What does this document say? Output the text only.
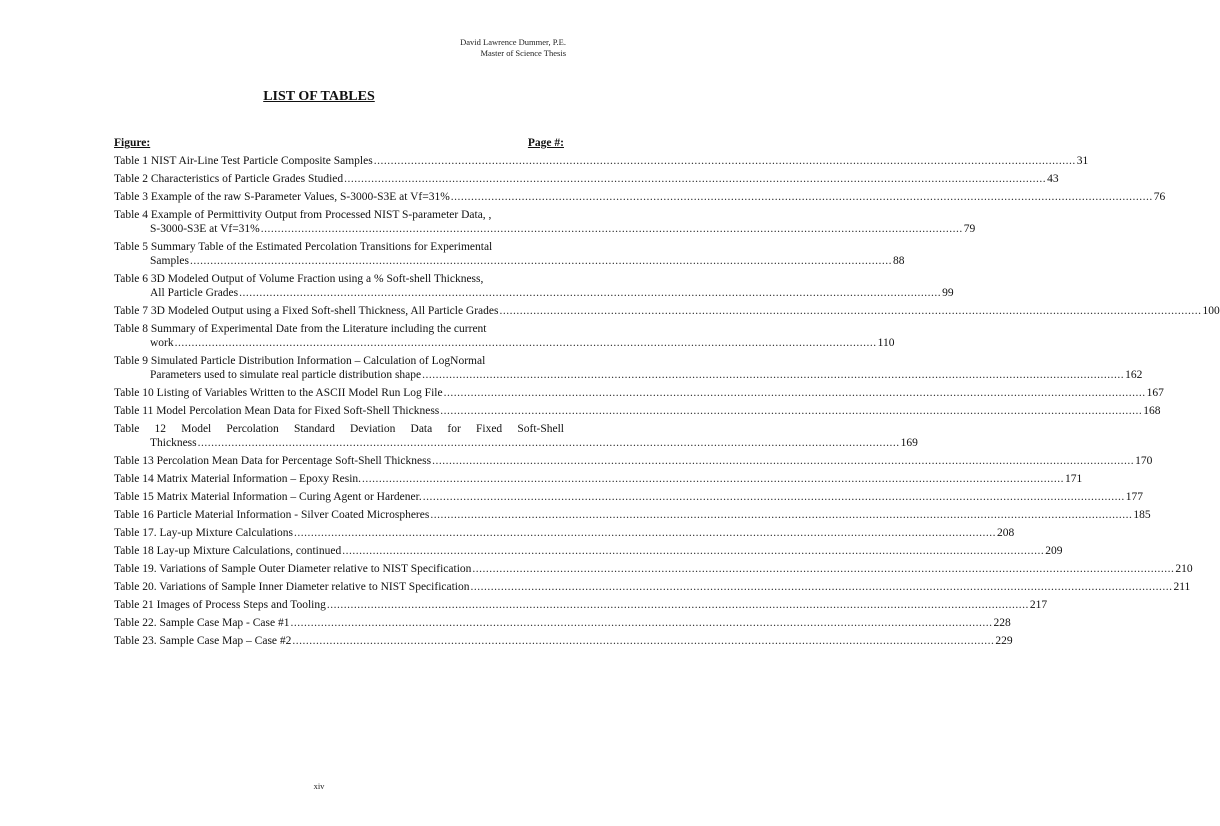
David Lawrence Dummer, P.E.
Master of Science Thesis
LIST OF TABLES
Figure:	Page #:
Table 1 NIST Air-Line Test Particle Composite Samples .....	31
Table 2 Characteristics of Particle Grades Studied .....	43
Table 3 Example of the raw S-Parameter Values, S-3000-S3E at Vf=31% .....	76
Table 4 Example of Permittivity Output from Processed NIST S-parameter Data, ,
S-3000-S3E at Vf=31% .....	79
Table 5 Summary Table of the Estimated Percolation Transitions for Experimental
Samples .....	88
Table 6 3D Modeled Output of Volume Fraction using a % Soft-shell Thickness,
All Particle Grades .....	99
Table 7 3D Modeled Output using a Fixed Soft-shell Thickness, All Particle Grades .....	100
Table 8 Summary of Experimental Date from the Literature including the current
work .....	110
Table 9 Simulated Particle Distribution Information – Calculation of LogNormal
Parameters used to simulate real particle distribution shape .....	162
Table 10 Listing of Variables Written to the ASCII Model Run Log File .....	167
Table 11 Model Percolation Mean Data for Fixed Soft-Shell Thickness .....	168
Table 12 Model Percolation Standard Deviation Data for Fixed Soft-Shell
Thickness .....	169
Table 13 Percolation Mean Data for Percentage Soft-Shell Thickness .....	170
Table 14 Matrix Material Information – Epoxy Resin. .....	171
Table 15 Matrix Material Information – Curing Agent or Hardener. .....	177
Table 16 Particle Material Information - Silver Coated Microspheres .....	185
Table 17. Lay-up Mixture Calculations .....	208
Table 18 Lay-up Mixture Calculations, continued .....	209
Table 19. Variations of Sample Outer Diameter relative to NIST Specification .....	210
Table 20. Variations of Sample Inner Diameter relative to NIST Specification .....	211
Table 21 Images of Process Steps and Tooling .....	217
Table 22. Sample Case Map - Case #1 .....	228
Table 23. Sample Case Map – Case #2 .....	229
xiv
